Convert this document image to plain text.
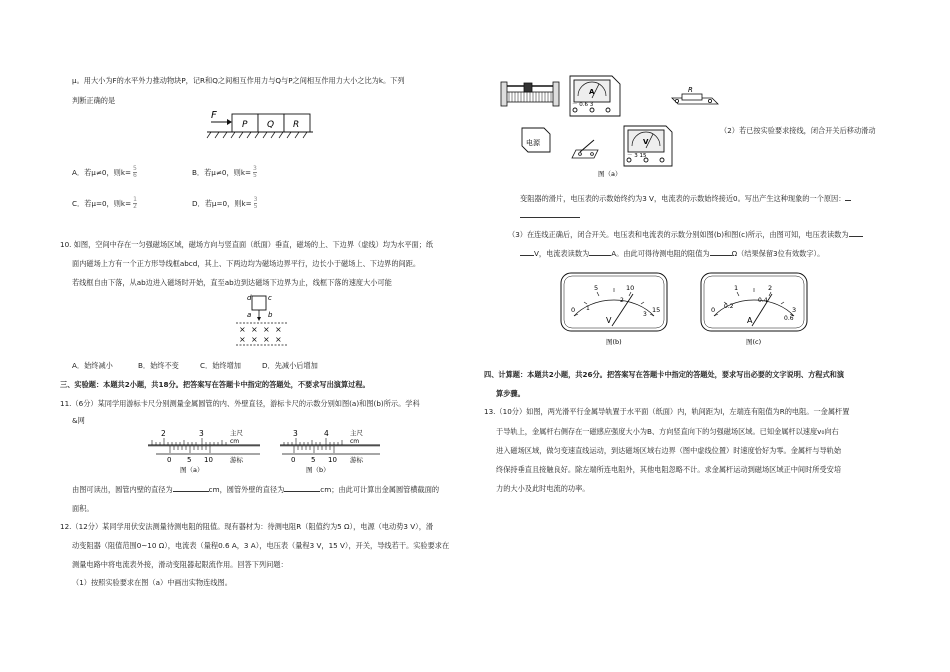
μ。用大小为F的水平外力推动物块P，记R和Q之间相互作用力与Q与P之间相互作用力大小之比为k。下列
判断正确的是
F
P Q R
A．若μ≠0，则$k= \frac{5}{6}$	B．若μ≠0，则$k= \frac{3}{5}$
C．若μ=0，则$k= \frac{1}{2}$	D．若μ=0，则$k= \frac{3}{5}$
10. 如图，空间中存在一匀强磁场区域，磁场方向与竖直面（纸面）垂直，磁场的上、下边界（虚线）均为水平面；纸
面内磁场上方有一个正方形导线框abcd，其上、下两边均为磁场边界平行，边长小于磁场上、下边界的间距。
若线框自由下落，从ab边进入磁场时开始，直至ab边到达磁场下边界为止，线框下落的速度大小可能
d c
a b
× × × ×
× × × ×
A．始终减小	B．始终不变	C．始终增加	D．先减小后增加
三、实验题：本题共2小题，共18分。把答案写在答题卡中指定的答题处，不要求写出演算过程。
11.（6分）某同学用游标卡尺分别测量金属圆管的内、外壁直径，游标卡尺的示数分别如图(a)和图(b)所示。学科
&网
2	3	主尺
cm
0 5 10	游标
图（a）
3	4	主尺
cm
0 5 10 游标
图（b）
由图可读出，圆管内壁的直径为	cm，圆管外壁的直径为	cm；由此可计算出金属圆管横截面的
面积。
12.（12分）某同学用伏安法测量待测电阻的阻值。现有器材为：待测电阻R（阻值约为5 Ω），电源（电动势3 V），滑
动变阻器（阻值范围0~10 Ω），电流表（量程0.6 A，3 A），电压表（量程3 V，15 V），开关，导线若干。实验要求在
测量电路中将电流表外接，滑动变阻器起限流作用。回答下列问题：
（1）按照实验要求在图（a）中画出实物连线图。
A
－ 0.6 3
R
电源	V
－ 3 15
图（a）
（2）若已按实验要求接线，闭合开关后移动滑动
变阻器的滑片，电压表的示数始终约为3 V，电流表的示数始终接近0。写出产生这种现象的一个原因：
（3）在连线正确后，闭合开关。电压表和电流表的示数分别如图(b)和图(c)所示，由图可知，电压表读数为
V，电流表读数为	A。由此可得待测电阻的阻值为	Ω（结果保留3位有效数字）。
0
5	10
15
1
2
3
V
图(b)
0
1	2
3
0.2
0.4
0.6
A
图(c)
四、计算题：本题共2小题，共26分。把答案写在答题卡中指定的答题处，要求写出必要的文字说明、方程式和演
算步骤。
13.（10分）如图，两光滑平行金属导轨置于水平面（纸面）内，轨间距为l，左端连有阻值为R的电阻。一金属杆置
于导轨上，金属杆右侧存在一磁感应强度大小为B、方向竖直向下的匀强磁场区域。已知金属杆以速度v₀向右
进入磁场区域，做匀变速直线运动，到达磁场区域右边界（图中虚线位置）时速度恰好为零。金属杆与导轨始
终保持垂直且接触良好。除左端所连电阻外，其他电阻忽略不计。求金属杆运动到磁场区域正中间时所受安培
力的大小及此时电流的功率。
